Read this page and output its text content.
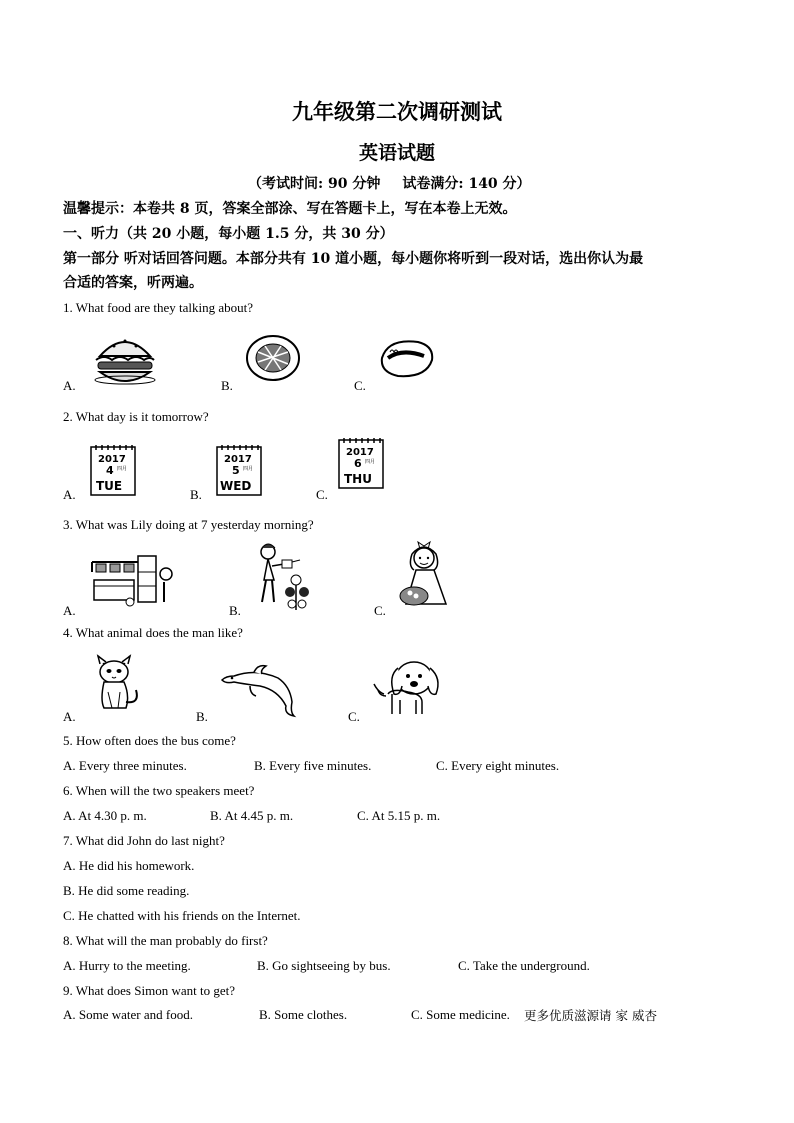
九年级第二次调研测试
英语试题
（考试时间: 90 分钟 试卷满分: 140 分）
温馨提示：本卷共 8 页，答案全部涂、写在答题卡上，写在本卷上无效。
一、听力（共 20 小题，每小题 1.5 分，共 30 分）
第一部分 听对话回答问题。本部分共有 10 道小题，每小题你将听到一段对话，选出你认为最
合适的答案，听两遍。
1. What food are they talking about?
A.	B.	C.
2. What day is it tomorrow?
2017
4 四月
TUE
A.
2017
5 四月
WED
B.
2017
6 四月
THU
C.
3. What was Lily doing at 7 yesterday morning?
A.	B.	C.
4. What animal does the man like?
A.	B.	C.
5. How often does the bus come?
A. Every three minutes.	B. Every five minutes.	C. Every eight minutes.
6. When will the two speakers meet?
A. At 4.30 p. m.	B. At 4.45 p. m.	C. At 5.15 p. m.
7. What did John do last night?
A. He did his homework.
B. He did some reading.
C. He chatted with his friends on the Internet.
8. What will the man probably do first?
A. Hurry to the meeting.	B. Go sightseeing by bus.	C. Take the underground.
9. What does Simon want to get?
A. Some water and food.	B. Some clothes.	C. Some medicine. 更多优质滋源请 家 威杏
